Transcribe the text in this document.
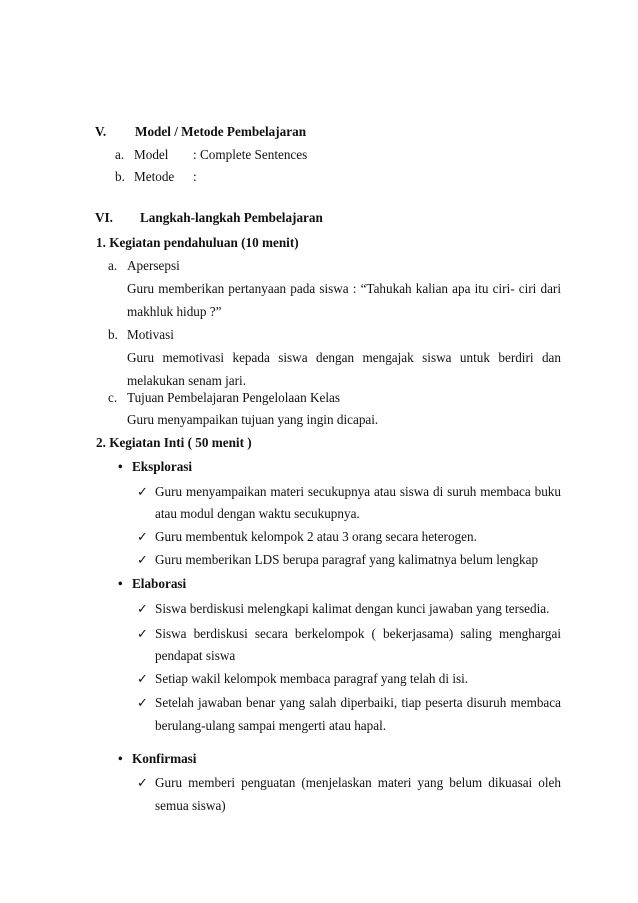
V. Model / Metode Pembelajaran
a. Model : Complete Sentences
b. Metode :
VI. Langkah-langkah Pembelajaran
1. Kegiatan pendahuluan (10 menit)
a. Apersepsi
Guru memberikan pertanyaan pada siswa : “Tahukah kalian apa itu ciri- ciri dari
makhluk hidup ?”
b. Motivasi
Guru memotivasi kepada siswa dengan mengajak siswa untuk berdiri dan
melakukan senam jari.
c. Tujuan Pembelajaran Pengelolaan Kelas
Guru menyampaikan tujuan yang ingin dicapai.
2. Kegiatan Inti ( 50 menit )
• Eksplorasi
✓ Guru menyampaikan materi secukupnya atau siswa di suruh membaca buku
atau modul dengan waktu secukupnya.
✓ Guru membentuk kelompok 2 atau 3 orang secara heterogen.
✓ Guru memberikan LDS berupa paragraf yang kalimatnya belum lengkap
• Elaborasi
✓ Siswa berdiskusi melengkapi kalimat dengan kunci jawaban yang tersedia.
✓ Siswa berdiskusi secara berkelompok ( bekerjasama) saling menghargai
pendapat siswa
✓ Setiap wakil kelompok membaca paragraf yang telah di isi.
✓ Setelah jawaban benar yang salah diperbaiki, tiap peserta disuruh membaca
berulang-ulang sampai mengerti atau hapal.
• Konfirmasi
✓ Guru memberi penguatan (menjelaskan materi yang belum dikuasai oleh
semua siswa)
